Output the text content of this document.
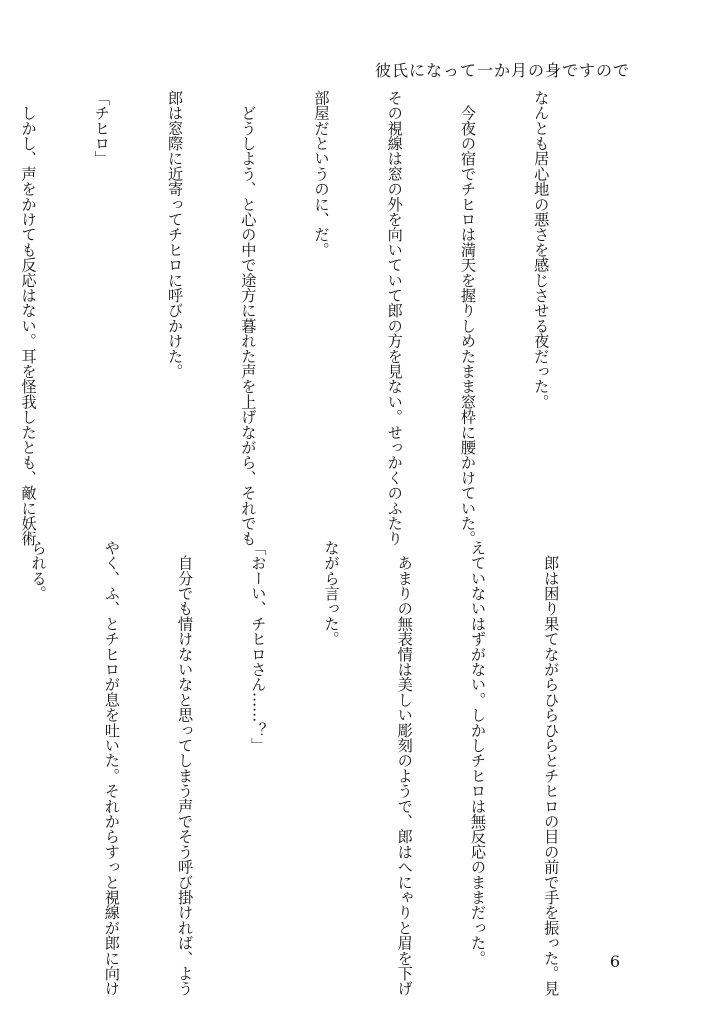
彼氏になって一か月の身ですので

なんとも居心地の悪さを感じさせる夜だった。

　今夜の宿でチヒロは満天を握りしめたまま窓枠に腰かけていた。

その視線は窓の外を向いていて郎の方を見ない。せっかくのふたり

部屋だというのに、だ。

　どうしよう、と心の中で途方に暮れた声を上げながら、それでも

郎は窓際に近寄ってチヒロに呼びかけた。

「チヒロ」

　しかし、声をかけても反応はない。耳を怪我したとも、敵に妖術

　郎は困り果てながらひらひらとチヒロの目の前で手を振った。見

えていないはずがない。しかしチヒロは無反応のままだった。

　あまりの無表情は美しい彫刻のようで、郎はへにゃりと眉を下げ

ながら言った。

「おーい、チヒロさん……？」

　自分でも情けないなと思ってしまう声でそう呼び掛ければ、よう

やく、ふ、とチヒロが息を吐いた。それからすっと視線が郎に向け

られる。

6
